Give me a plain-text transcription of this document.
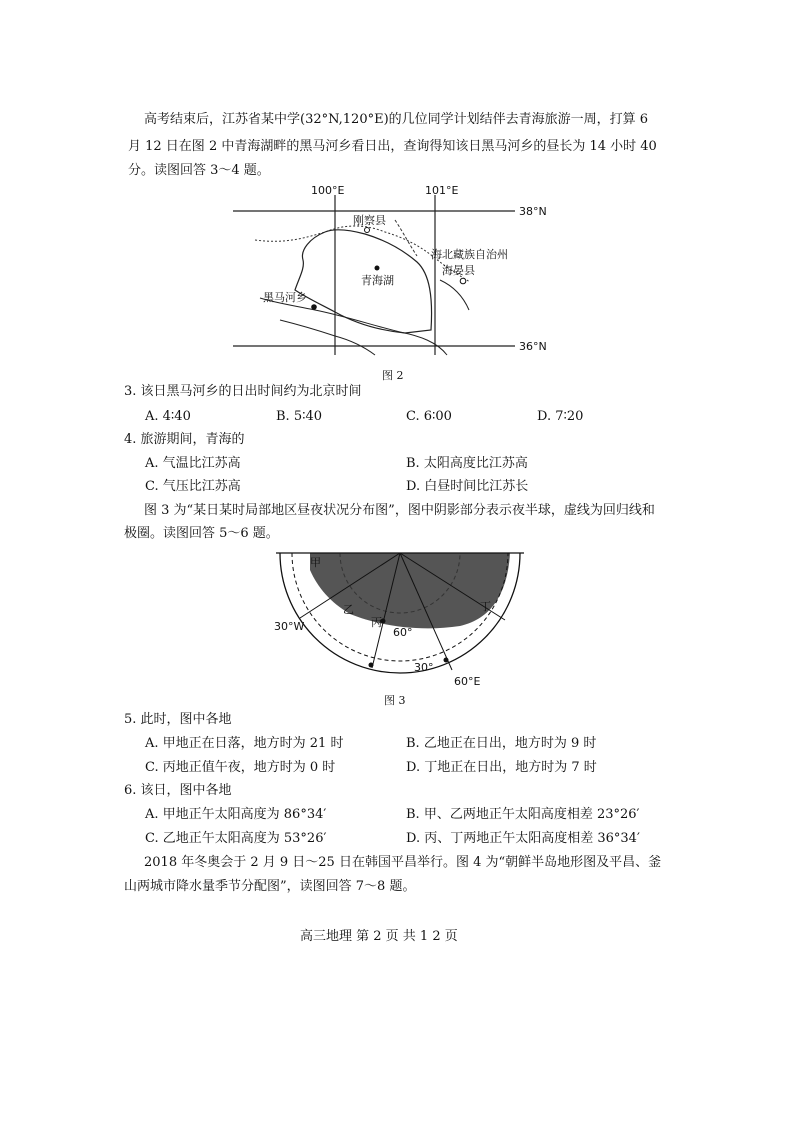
高考结束后，江苏省某中学(32°N,120°E)的几位同学计划结伴去青海旅游一周，打算 6
月 12 日在图 2 中青海湖畔的黑马河乡看日出，查询得知该日黑马河乡的昼长为 14 小时 40
分。读图回答 3～4 题。
100°E	101°E
38°N
36°N
刚察县
青海湖
海北藏族自治州
海晏县
黑马河乡
图 2
3. 该日黑马河乡的日出时间约为北京时间
A. 4∶40	B. 5∶40	C. 6∶00	D. 7∶20
4. 旅游期间，青海的
A. 气温比江苏高	B. 太阳高度比江苏高
C. 气压比江苏高	D. 白昼时间比江苏长
图 3 为“某日某时局部地区昼夜状况分布图”，图中阴影部分表示夜半球，虚线为回归线和
极圈。读图回答 5～6 题。
甲
乙
丙
丁
60°
30°W
30°
60°E
图 3
5. 此时，图中各地
A. 甲地正在日落，地方时为 21 时	B. 乙地正在日出，地方时为 9 时
C. 丙地正值午夜，地方时为 0 时	D. 丁地正在日出，地方时为 7 时
6. 该日，图中各地
A. 甲地正午太阳高度为 86°34′	B. 甲、乙两地正午太阳高度相差 23°26′
C. 乙地正午太阳高度为 53°26′	D. 丙、丁两地正午太阳高度相差 36°34′
2018 年冬奥会于 2 月 9 日～25 日在韩国平昌举行。图 4 为“朝鲜半岛地形图及平昌、釜
山两城市降水量季节分配图”，读图回答 7～8 题。
高三地理 第 2 页 共 1 2 页
